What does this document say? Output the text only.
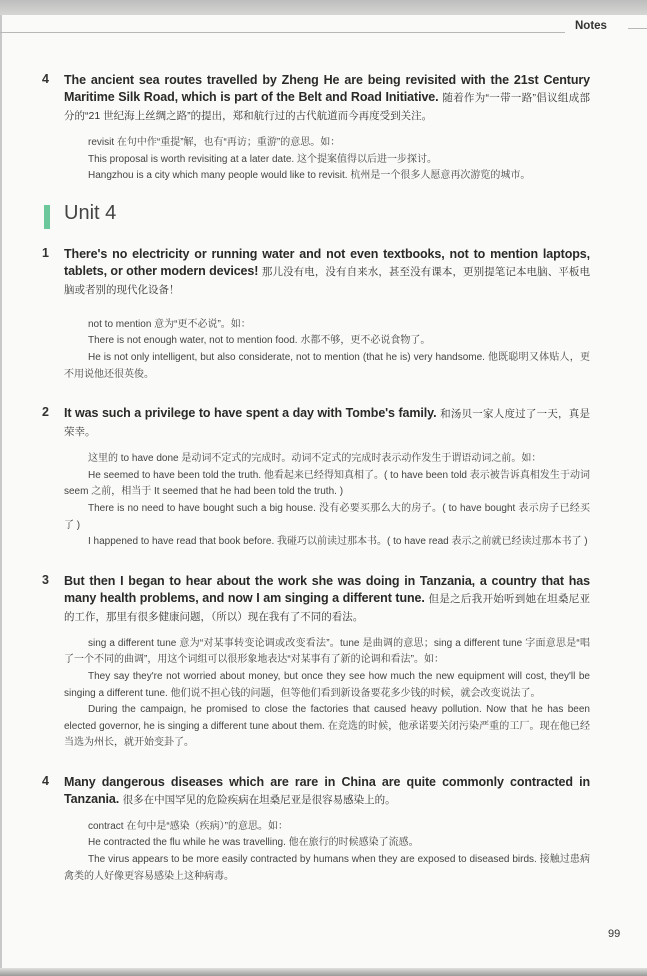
Notes
4 The ancient sea routes travelled by Zheng He are being revisited with the 21st Century Maritime Silk Road, which is part of the Belt and Road Initiative. 随着作为“一带一路”倡议组成部分的“21 世纪海上丝绸之路”的提出，郑和航行过的古代航道而今再度受到关注。

revisit 在句中作“重提”解，也有“再访；重游”的意思。如：

This proposal is worth revisiting at a later date. 这个提案值得以后进一步探讨。

Hangzhou is a city which many people would like to revisit. 杭州是一个很多人愿意再次游览的城市。

Unit 4
1 There's no electricity or running water and not even textbooks, not to mention laptops, tablets, or other modern devices! 那儿没有电，没有自来水，甚至没有课本，更别提笔记本电脑、平板电脑或者别的现代化设备！

not to mention 意为“更不必说”。如：

There is not enough water, not to mention food. 水都不够，更不必说食物了。

He is not only intelligent, but also considerate, not to mention (that he is) very handsome. 他既聪明又体贴人，更不用说他还很英俊。

2 It was such a privilege to have spent a day with Tombe's family. 和汤贝一家人度过了一天，真是荣幸。

这里的 to have done 是动词不定式的完成时。动词不定式的完成时表示动作发生于谓语动词之前。如：

He seemed to have been told the truth. 他看起来已经得知真相了。( to have been told 表示被告诉真相发生于动词 seem 之前，相当于 It seemed that he had been told the truth. )

There is no need to have bought such a big house. 没有必要买那么大的房子。( to have bought 表示房子已经买了 )

I happened to have read that book before. 我碰巧以前读过那本书。( to have read 表示之前就已经读过那本书了 )

3 But then I began to hear about the work she was doing in Tanzania, a country that has many health problems, and now I am singing a different tune. 但是之后我开始听到她在坦桑尼亚的工作，那里有很多健康问题，（所以）现在我有了不同的看法。

sing a different tune 意为“对某事转变论调或改变看法”。tune 是曲调的意思；sing a different tune 字面意思是“唱了一个不同的曲调”，用这个词组可以很形象地表达“对某事有了新的论调和看法”。如：

They say they're not worried about money, but once they see how much the new equipment will cost, they'll be singing a different tune. 他们说不担心钱的问题，但等他们看到新设备要花多少钱的时候，就会改变说法了。

During the campaign, he promised to close the factories that caused heavy pollution. Now that he has been elected governor, he is singing a different tune about them. 在竞选的时候，他承诺要关闭污染严重的工厂。现在他已经当选为州长，就开始变卦了。

4 Many dangerous diseases which are rare in China are quite commonly contracted in Tanzania. 很多在中国罕见的危险疾病在坦桑尼亚是很容易感染上的。

contract 在句中是“感染（疾病）”的意思。如：

He contracted the flu while he was travelling. 他在旅行的时候感染了流感。

The virus appears to be more easily contracted by humans when they are exposed to diseased birds. 接触过患病禽类的人好像更容易感染上这种病毒。

99
